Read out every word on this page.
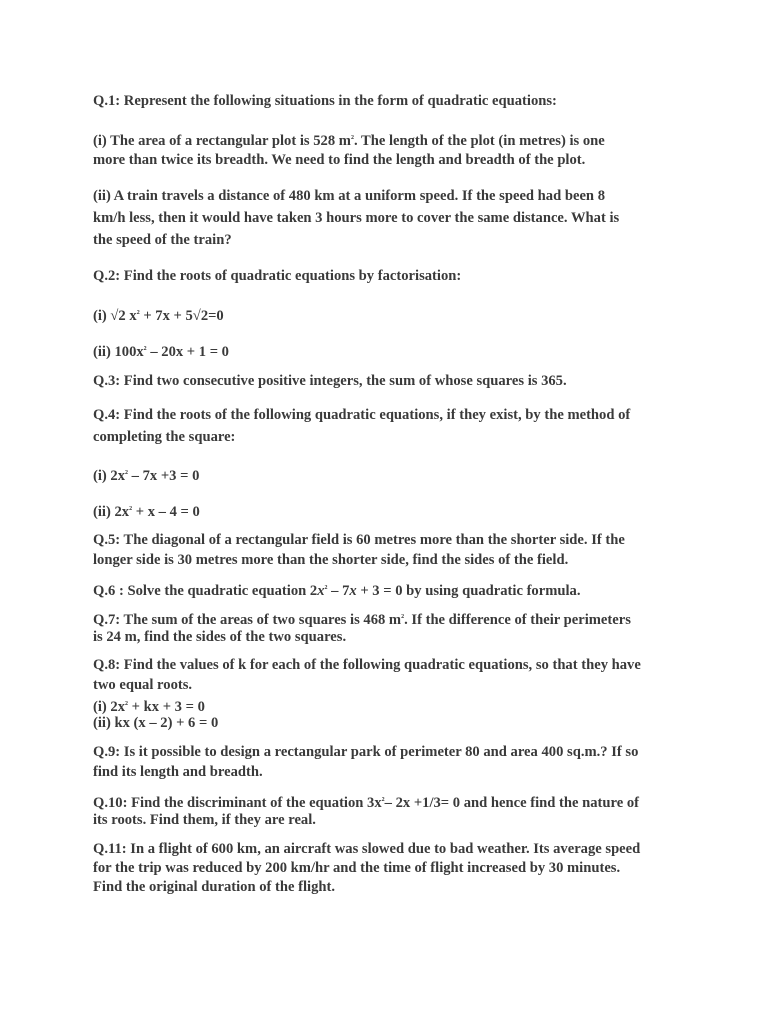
Q.1: Represent the following situations in the form of quadratic equations:
(i) The area of a rectangular plot is 528 $m^2$. The length of the plot (in metres) is one
more than twice its breadth. We need to find the length and breadth of the plot.
(ii) A train travels a distance of 480 km at a uniform speed. If the speed had been 8
km/h less, then it would have taken 3 hours more to cover the same distance. What is
the speed of the train?
Q.2: Find the roots of quadratic equations by factorisation:
(i) √2 $x^2 + 7x + 5√2=0$
(ii) $100x^2 - 20x + 1 = 0$
Q.3: Find two consecutive positive integers, the sum of whose squares is 365.
Q.4: Find the roots of the following quadratic equations, if they exist, by the method of
completing the square:
(i) $2x^2 - 7x +3 = 0$
(ii) $2x^2 + x - 4 = 0$
Q.5: The diagonal of a rectangular field is 60 metres more than the shorter side. If the
longer side is 30 metres more than the shorter side, find the sides of the field.
Q.6 : Solve the quadratic equation $2x^2 - 7x + 3 = 0$ by using quadratic formula.
Q.7: The sum of the areas of two squares is 468 $m^2$. If the difference of their perimeters
is 24 m, find the sides of the two squares.
Q.8: Find the values of k for each of the following quadratic equations, so that they have
two equal roots.
(i) $2x^2$ + kx + 3 = 0
(ii) kx (x – 2) + 6 = 0
Q.9: Is it possible to design a rectangular park of perimeter 80 and area 400 sq.m.? If so
find its length and breadth.
Q.10: Find the discriminant of the equation $3x^2-$ 2x +1/3= 0 and hence find the nature of
its roots. Find them, if they are real.
Q.11: In a flight of 600 km, an aircraft was slowed due to bad weather. Its average speed
for the trip was reduced by 200 km/hr and the time of flight increased by 30 minutes.
Find the original duration of the flight.
